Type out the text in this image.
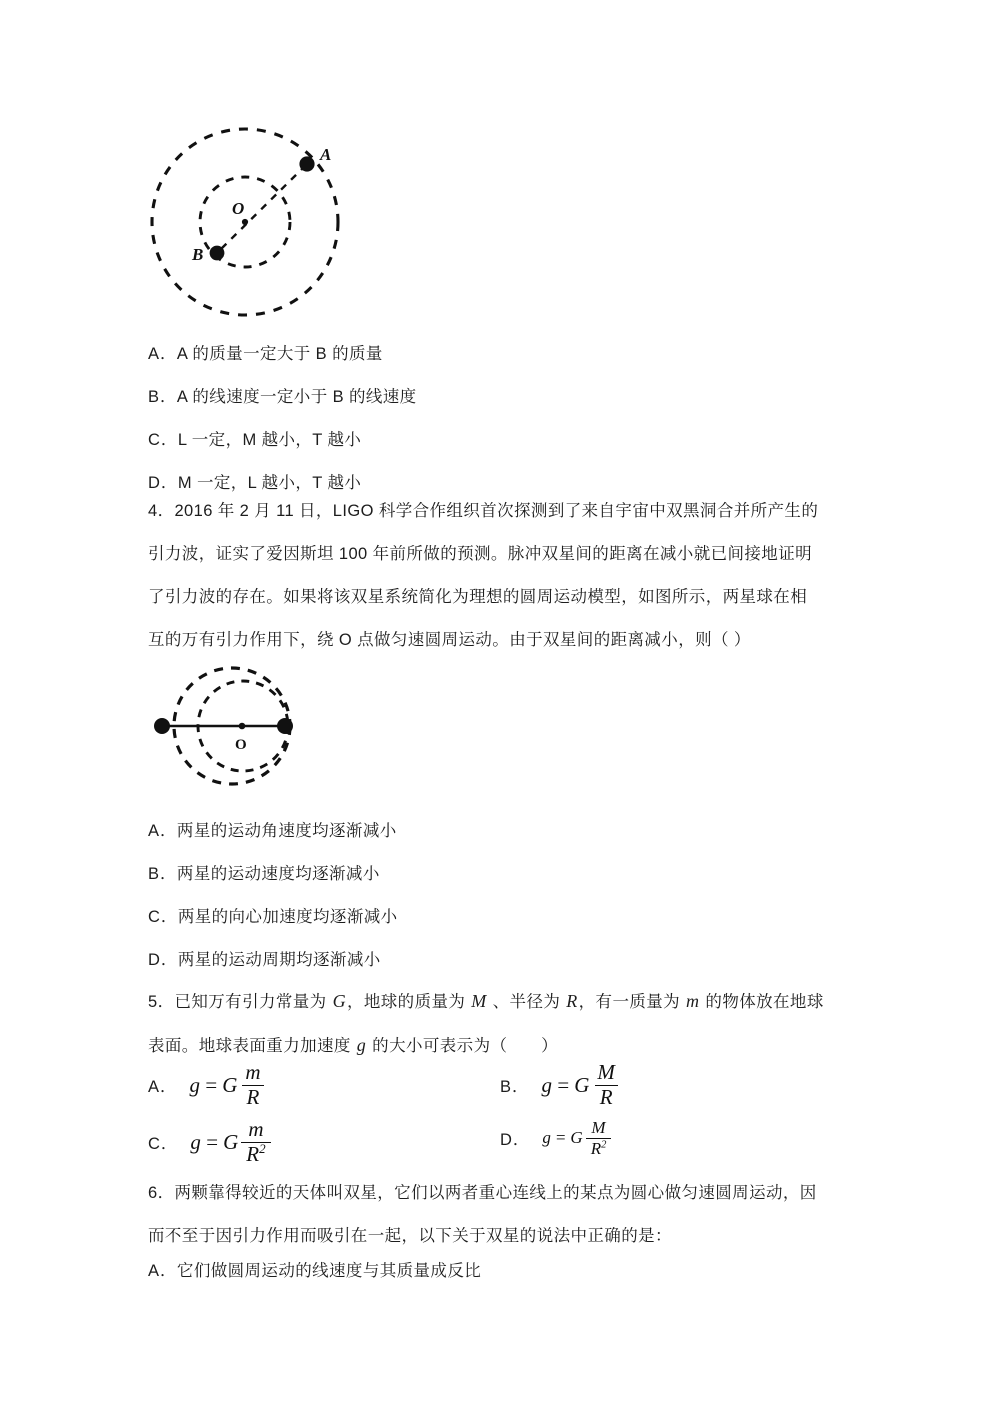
A
B
O
A．A 的质量一定大于 B 的质量
B．A 的线速度一定小于 B 的线速度
C．L 一定，M 越小，T 越小
D．M 一定，L 越小，T 越小
4．2016 年 2 月 11 日，LIGO 科学合作组织首次探测到了来自宇宙中双黑洞合并所产生的
引力波，证实了爱因斯坦 100 年前所做的预测。脉冲双星间的距离在减小就已间接地证明
了引力波的存在。如果将该双星系统简化为理想的圆周运动模型，如图所示，两星球在相
互的万有引力作用下，绕 O 点做匀速圆周运动。由于双星间的距离减小，则（ ）
O
A．两星的运动角速度均逐渐减小
B．两星的运动速度均逐渐减小
C．两星的向心加速度均逐渐减小
D．两星的运动周期均逐渐减小
5．已知万有引力常量为 G，地球的质量为 M 、半径为 R，有一质量为 m 的物体放在地球
表面。地球表面重力加速度 g 的大小可表示为（　　）
A． g = G $\frac{m}{R}$	B． g = G $\frac{M}{R}$
C． g = G $\frac{m}{R^2}$	D． g = G $\frac{M}{R^2}$
6．两颗靠得较近的天体叫双星，它们以两者重心连线上的某点为圆心做匀速圆周运动，因
而不至于因引力作用而吸引在一起，以下关于双星的说法中正确的是：
A．它们做圆周运动的线速度与其质量成反比
